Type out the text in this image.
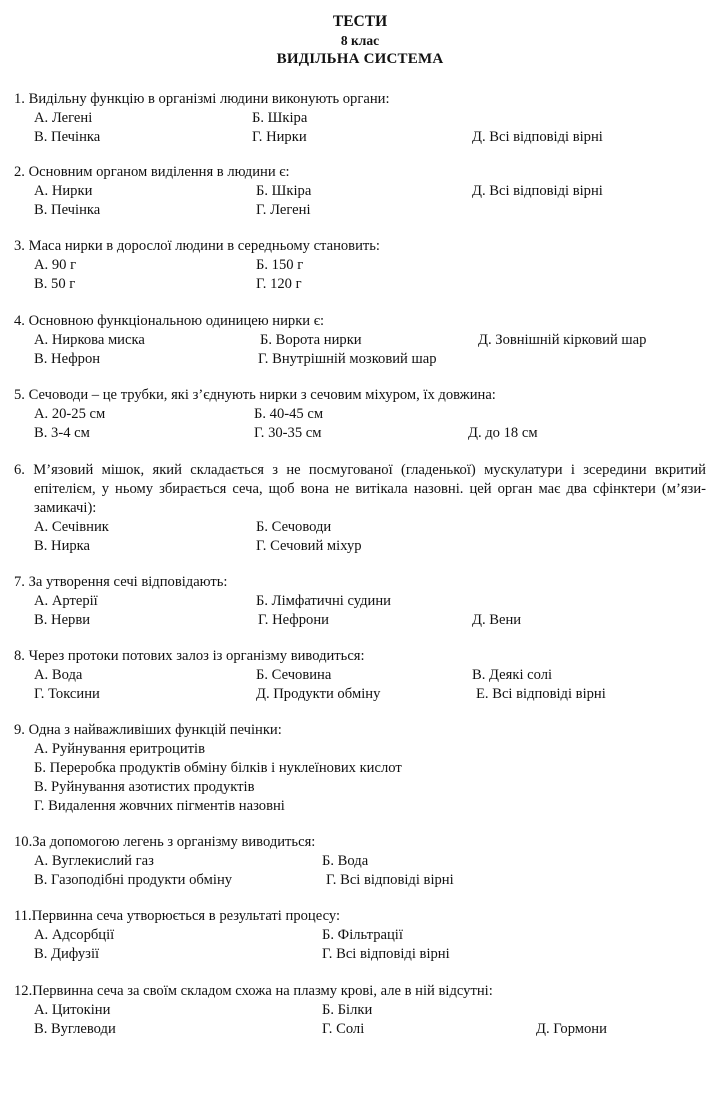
ТЕСТИ
8 клас
ВИДІЛЬНА СИСТЕМА
1. Видільну функцію в організмі людини виконують органи:
А. Легені	Б. Шкіра
В. Печінка	Г. Нирки	Д. Всі відповіді вірні
2. Основним органом виділення в людини є:
А. Нирки	Б. Шкіра	Д. Всі відповіді вірні
В. Печінка	Г. Легені
3. Маса нирки в дорослої людини в середньому становить:
А. 90 г	Б. 150 г
В. 50 г	Г. 120 г
4. Основною функціональною одиницею нирки є:
А. Ниркова миска	Б. Ворота нирки	Д. Зовнішній кірковий шар
В. Нефрон	Г. Внутрішній мозковий шар
5. Сечоводи – це трубки, які з’єднують нирки з сечовим міхуром, їх довжина:
А. 20-25 см	Б. 40-45 см
В. 3-4 см	Г. 30-35 см	Д. до 18 см
6. М’язовий мішок, який складається з не посмугованої (гладенької) мускулатури і зсередини вкритий епітелієм, у ньому збирається сеча, щоб вона не витікала назовні. цей орган має два сфінктери (м’язи-замикачі):
А. Сечівник	Б. Сечоводи
В. Нирка	Г. Сечовий міхур
7. За утворення сечі відповідають:
А. Артерії	Б. Лімфатичні судини
В. Нерви	Г. Нефрони	Д. Вени
8. Через протоки потових залоз із організму виводиться:
А. Вода	Б. Сечовина	В. Деякі солі
Г. Токсини	Д. Продукти обміну	Е. Всі відповіді вірні
9. Одна з найважливіших функцій печінки:
А. Руйнування еритроцитів
Б. Переробка продуктів обміну білків і нуклеїнових кислот
В. Руйнування азотистих продуктів
Г. Видалення жовчних пігментів назовні
10.За допомогою легень з організму виводиться:
А. Вуглекислий газ	Б. Вода
В. Газоподібні продукти обміну	Г. Всі відповіді вірні
11.Первинна сеча утворюється в результаті процесу:
А. Адсорбції	Б. Фільтрації
В. Дифузії	Г. Всі відповіді вірні
12.Первинна сеча за своїм складом схожа на плазму крові, але в ній відсутні:
А. Цитокіни	Б. Білки
В. Вуглеводи	Г. Солі	Д. Гормони
